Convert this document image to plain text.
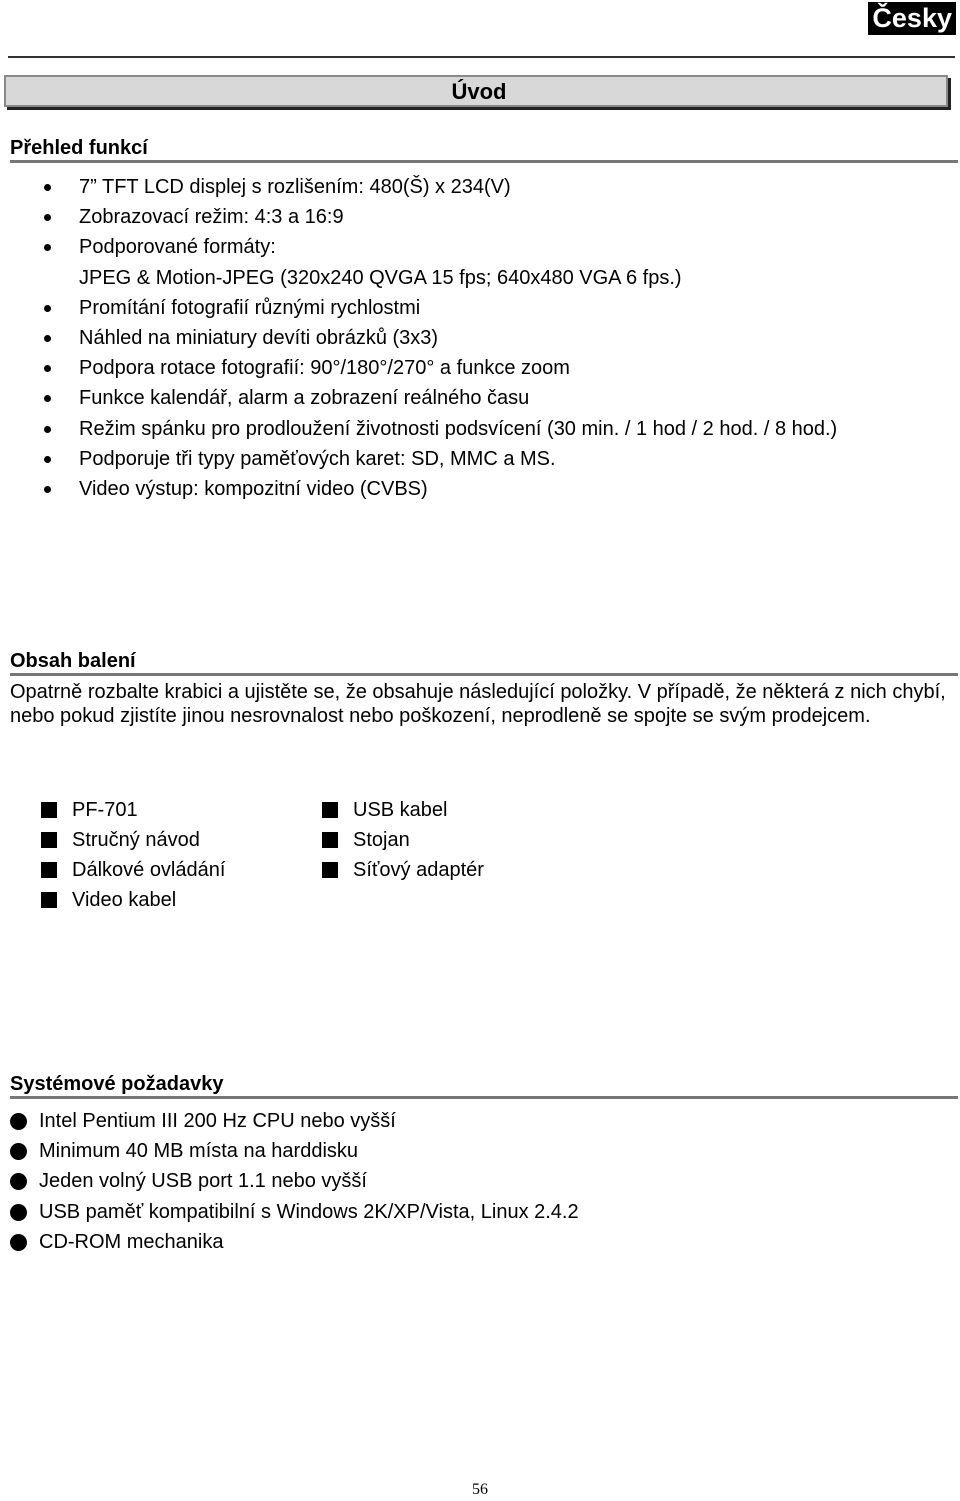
Česky
Úvod
Přehled funkcí
7” TFT LCD displej s rozlišením: 480(Š) x 234(V)
Zobrazovací režim: 4:3 a 16:9
Podporované formáty:
JPEG & Motion-JPEG (320x240 QVGA 15 fps; 640x480 VGA 6 fps.)
Promítání fotografií různými rychlostmi
Náhled na miniatury devíti obrázků (3x3)
Podpora rotace fotografií: 90°/180°/270° a funkce zoom
Funkce kalendář, alarm a zobrazení reálného času
Režim spánku pro prodloužení životnosti podsvícení (30 min. / 1 hod / 2 hod. / 8 hod.)
Podporuje tři typy paměťových karet: SD, MMC a MS.
Video výstup: kompozitní video (CVBS)
Obsah balení

Opatrně rozbalte krabici a ujistěte se, že obsahuje následující položky. V případě, že některá z nich chybí, nebo pokud zjistíte jinou nesrovnalost nebo poškození, neprodleně se spojte se svým prodejcem.

PF-701
Stručný návod
Dálkové ovládání
Video kabel
USB kabel
Stojan
Síťový adaptér
Systémové požadavky
Intel Pentium III 200 Hz CPU nebo vyšší
Minimum 40 MB místa na harddisku
Jeden volný USB port 1.1 nebo vyšší
USB paměť kompatibilní s Windows 2K/XP/Vista, Linux 2.4.2
CD-ROM mechanika
56
